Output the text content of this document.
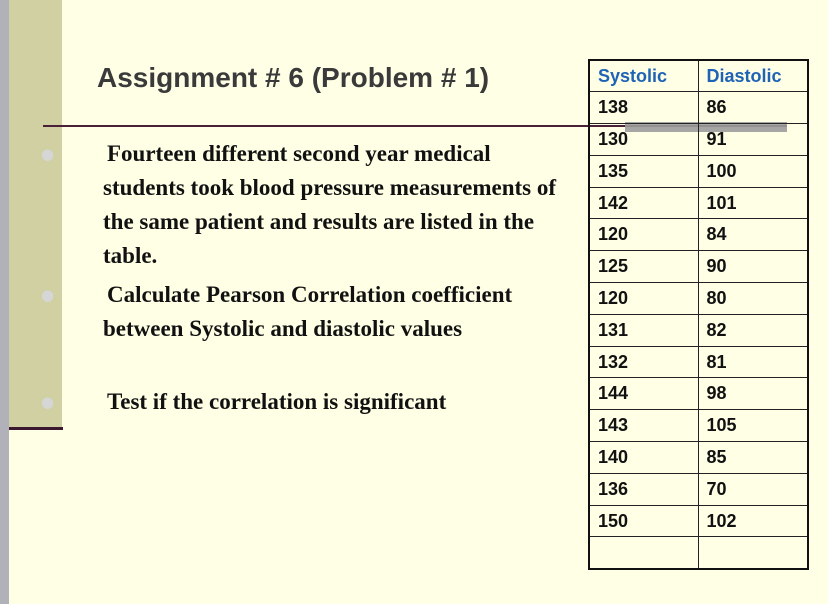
Assignment # 6 (Problem # 1)
● Fourteen different second year medical students took blood pressure measurements of the same patient and results are listed in the table.
● Calculate Pearson Correlation coefficient between Systolic and diastolic values
● Test if the correlation is significant
Systolic	Diastolic
138	86
130	91
135	100
142	101
120	84
125	90
120	80
131	82
132	81
144	98
143	105
140	85
136	70
150	102
